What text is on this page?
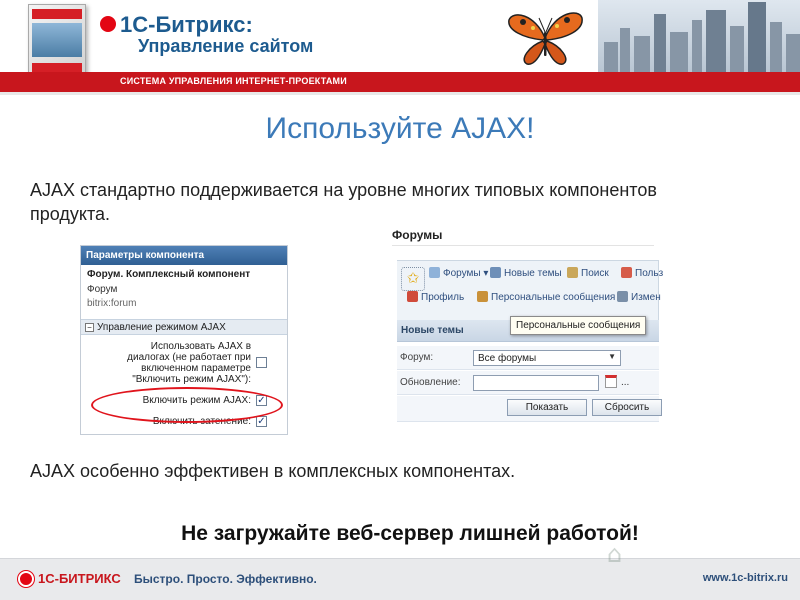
1С-Битрикс:
Управление сайтом
СИСТЕМА УПРАВЛЕНИЯ ИНТЕРНЕТ-ПРОЕКТАМИ
Используйте AJAX!
AJAX стандартно поддерживается на уровне многих типовых компонентов продукта.
Параметры компонента
Форум. Комплексный компонент
Форум
bitrix:forum
− Управление режимом AJAX
Использовать AJAX в диалогах (не работает при включенном параметре "Включить режим AJAX"):
Включить режим AJAX: ✓
Включить затенение: ✓
Форумы
✩	Форумы ▾	Новые темы	Поиск	Польз
Профиль	Персональные сообщения	Измен
Новые темы	Персональные сообщения
Форум:	Все форумы	▼
Обновление:	...
Показать	Сбросить
AJAX особенно эффективен в комплексных компонентах.
Не загружайте веб-сервер лишней работой!
1С-БИТРИКС Быстро. Просто. Эффективно.	www.1c-bitrix.ru
⌂
